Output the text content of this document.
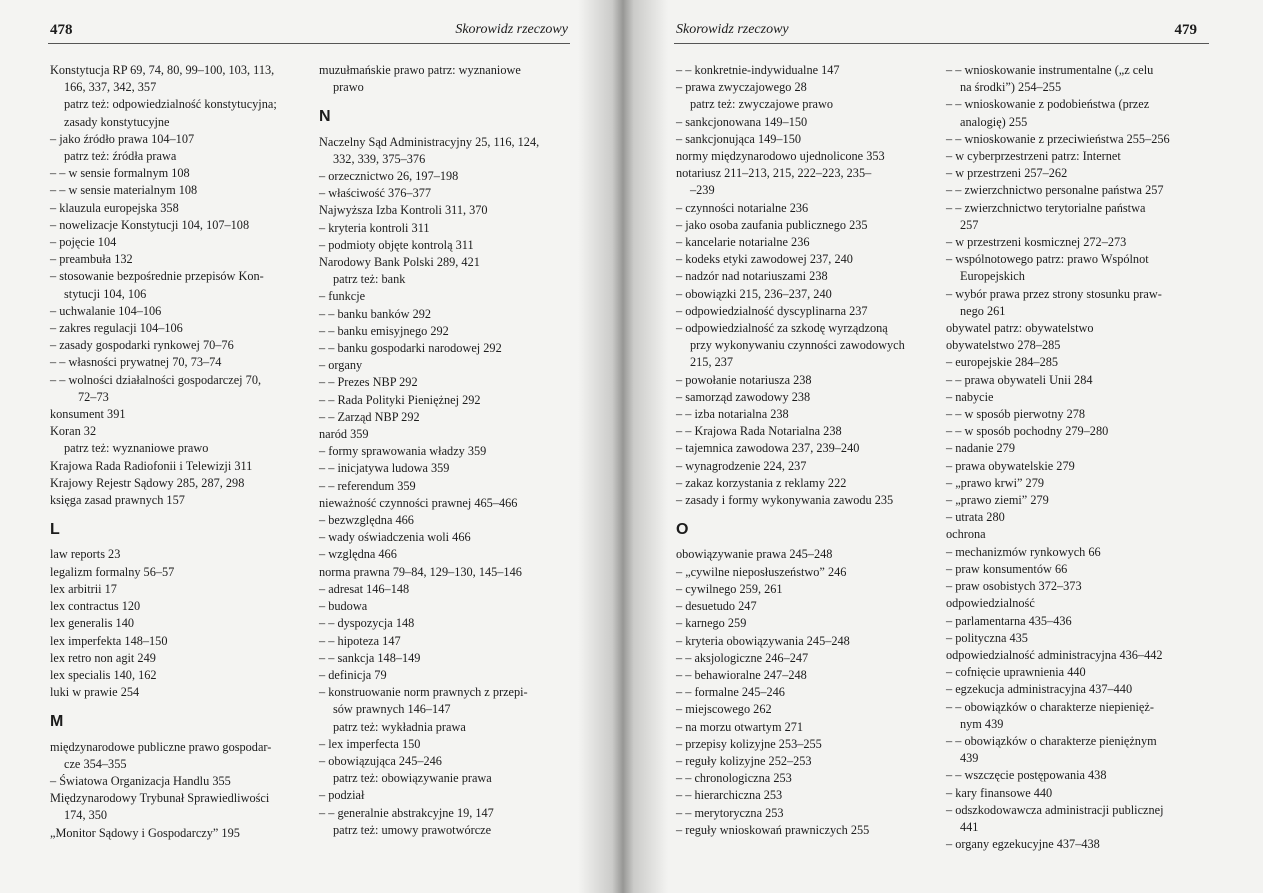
478	Skorowidz rzeczowy
Konstytucja RP 69, 74, 80, 99–100, 103, 113,
166, 337, 342, 357
patrz też: odpowiedzialność konstytucyjna;
zasady konstytucyjne
– jako źródło prawa 104–107
patrz też: źródła prawa
– – w sensie formalnym 108
– – w sensie materialnym 108
– klauzula europejska 358
– nowelizacje Konstytucji 104, 107–108
– pojęcie 104
– preambuła 132
– stosowanie bezpośrednie przepisów Kon-
stytucji 104, 106
– uchwalanie 104–106
– zakres regulacji 104–106
– zasady gospodarki rynkowej 70–76
– – własności prywatnej 70, 73–74
– – wolności działalności gospodarczej 70,
72–73
konsument 391
Koran 32
patrz też: wyznaniowe prawo
Krajowa Rada Radiofonii i Telewizji 311
Krajowy Rejestr Sądowy 285, 287, 298
księga zasad prawnych 157
L
law reports 23
legalizm formalny 56–57
lex arbitrii 17
lex contractus 120
lex generalis 140
lex imperfekta 148–150
lex retro non agit 249
lex specialis 140, 162
luki w prawie 254
M
międzynarodowe publiczne prawo gospodar-
cze 354–355
– Światowa Organizacja Handlu 355
Międzynarodowy Trybunał Sprawiedliwości
174, 350
„Monitor Sądowy i Gospodarczy” 195
muzułmańskie prawo patrz: wyznaniowe
prawo
N
Naczelny Sąd Administracyjny 25, 116, 124,
332, 339, 375–376
– orzecznictwo 26, 197–198
– właściwość 376–377
Najwyższa Izba Kontroli 311, 370
– kryteria kontroli 311
– podmioty objęte kontrolą 311
Narodowy Bank Polski 289, 421
patrz też: bank
– funkcje
– – banku banków 292
– – banku emisyjnego 292
– – banku gospodarki narodowej 292
– organy
– – Prezes NBP 292
– – Rada Polityki Pieniężnej 292
– – Zarząd NBP 292
naród 359
– formy sprawowania władzy 359
– – inicjatywa ludowa 359
– – referendum 359
nieważność czynności prawnej 465–466
– bezwzględna 466
– wady oświadczenia woli 466
– względna 466
norma prawna 79–84, 129–130, 145–146
– adresat 146–148
– budowa
– – dyspozycja 148
– – hipoteza 147
– – sankcja 148–149
– definicja 79
– konstruowanie norm prawnych z przepi-
sów prawnych 146–147
patrz też: wykładnia prawa
– lex imperfecta 150
– obowiązująca 245–246
patrz też: obowiązywanie prawa
– podział
– – generalnie abstrakcyjne 19, 147
patrz też: umowy prawotwórcze
Skorowidz rzeczowy	479
– – konkretnie-indywidualne 147
– prawa zwyczajowego 28
patrz też: zwyczajowe prawo
– sankcjonowana 149–150
– sankcjonująca 149–150
normy międzynarodowo ujednolicone 353
notariusz 211–213, 215, 222–223, 235–
–239
– czynności notarialne 236
– jako osoba zaufania publicznego 235
– kancelarie notarialne 236
– kodeks etyki zawodowej 237, 240
– nadzór nad notariuszami 238
– obowiązki 215, 236–237, 240
– odpowiedzialność dyscyplinarna 237
– odpowiedzialność za szkodę wyrządzoną
przy wykonywaniu czynności zawodowych
215, 237
– powołanie notariusza 238
– samorząd zawodowy 238
– – izba notarialna 238
– – Krajowa Rada Notarialna 238
– tajemnica zawodowa 237, 239–240
– wynagrodzenie 224, 237
– zakaz korzystania z reklamy 222
– zasady i formy wykonywania zawodu 235
O
obowiązywanie prawa 245–248
– „cywilne nieposłuszeństwo” 246
– cywilnego 259, 261
– desuetudo 247
– karnego 259
– kryteria obowiązywania 245–248
– – aksjologiczne 246–247
– – behawioralne 247–248
– – formalne 245–246
– miejscowego 262
– na morzu otwartym 271
– przepisy kolizyjne 253–255
– reguły kolizyjne 252–253
– – chronologiczna 253
– – hierarchiczna 253
– – merytoryczna 253
– reguły wnioskowań prawniczych 255
– – wnioskowanie instrumentalne („z celu
na środki”) 254–255
– – wnioskowanie z podobieństwa (przez
analogię) 255
– – wnioskowanie z przeciwieństwa 255–256
– w cyberprzestrzeni patrz: Internet
– w przestrzeni 257–262
– – zwierzchnictwo personalne państwa 257
– – zwierzchnictwo terytorialne państwa
257
– w przestrzeni kosmicznej 272–273
– wspólnotowego patrz: prawo Wspólnot
Europejskich
– wybór prawa przez strony stosunku praw-
nego 261
obywatel patrz: obywatelstwo
obywatelstwo 278–285
– europejskie 284–285
– – prawa obywateli Unii 284
– nabycie
– – w sposób pierwotny 278
– – w sposób pochodny 279–280
– nadanie 279
– prawa obywatelskie 279
– „prawo krwi” 279
– „prawo ziemi” 279
– utrata 280
ochrona
– mechanizmów rynkowych 66
– praw konsumentów 66
– praw osobistych 372–373
odpowiedzialność
– parlamentarna 435–436
– polityczna 435
odpowiedzialność administracyjna 436–442
– cofnięcie uprawnienia 440
– egzekucja administracyjna 437–440
– – obowiązków o charakterze niepienięż-
nym 439
– – obowiązków o charakterze pieniężnym
439
– – wszczęcie postępowania 438
– kary finansowe 440
– odszkodowawcza administracji publicznej
441
– organy egzekucyjne 437–438
